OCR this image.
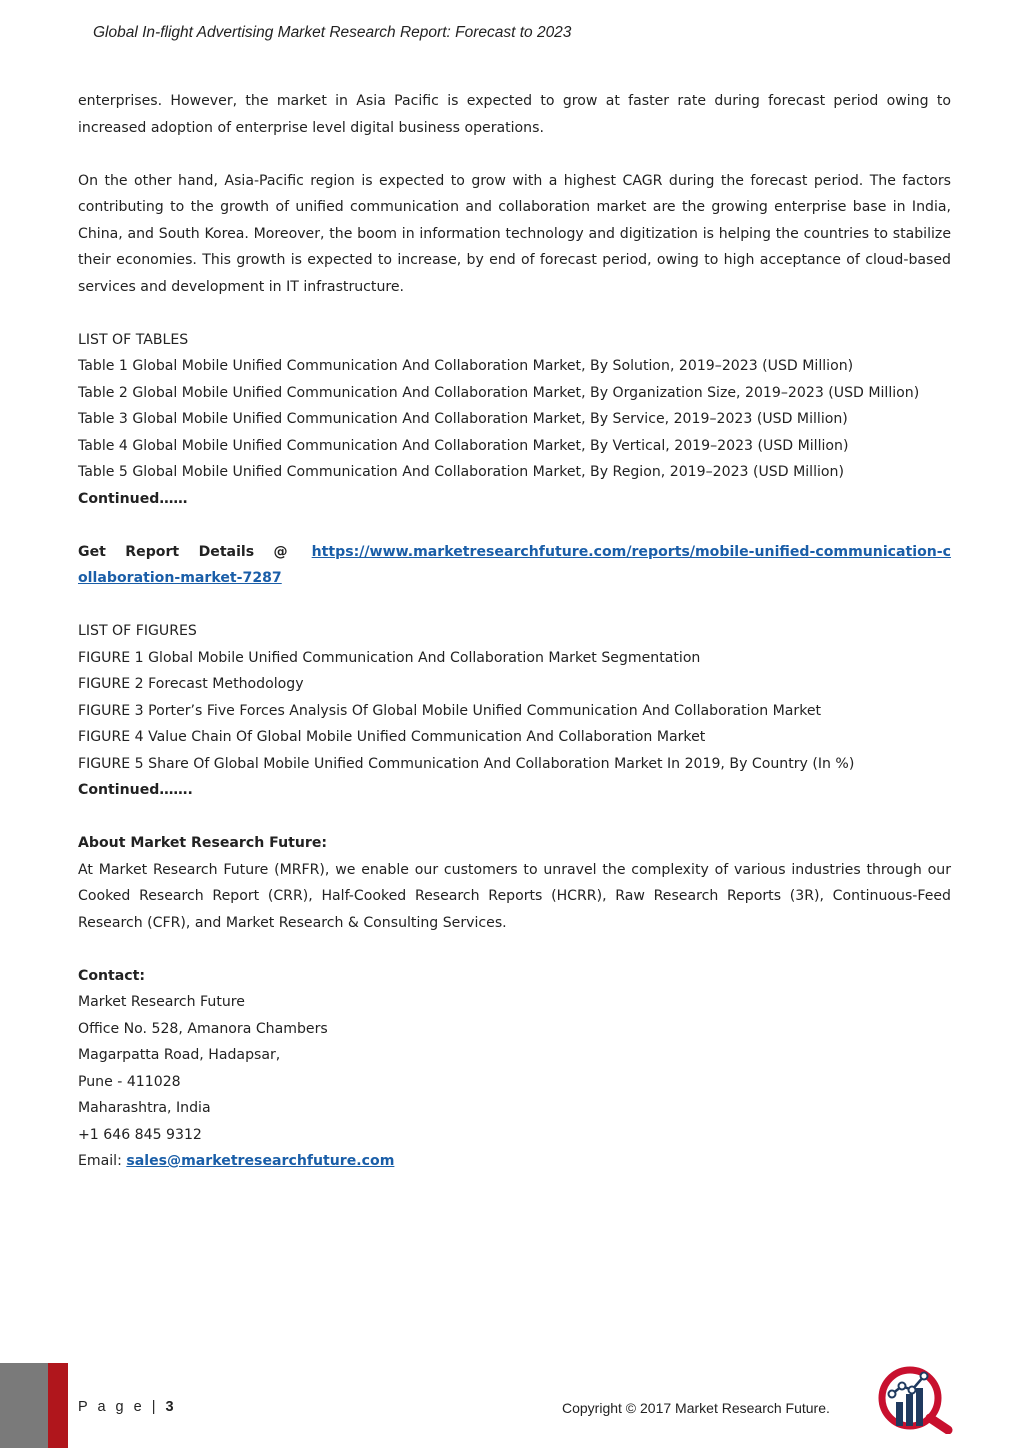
Global In-flight Advertising Market Research Report: Forecast to 2023

enterprises. However, the market in Asia Pacific is expected to grow at faster rate during forecast period owing to increased adoption of enterprise level digital business operations.

On the other hand, Asia-Pacific region is expected to grow with a highest CAGR during the forecast period. The factors contributing to the growth of unified communication and collaboration market are the growing enterprise base in India, China, and South Korea. Moreover, the boom in information technology and digitization is helping the countries to stabilize their economies. This growth is expected to increase, by end of forecast period, owing to high acceptance of cloud-based services and development in IT infrastructure.

LIST OF TABLES

Table 1 Global Mobile Unified Communication And Collaboration Market, By Solution, 2019–2023 (USD Million)

Table 2 Global Mobile Unified Communication And Collaboration Market, By Organization Size, 2019–2023 (USD Million)

Table 3 Global Mobile Unified Communication And Collaboration Market, By Service, 2019–2023 (USD Million)

Table 4 Global Mobile Unified Communication And Collaboration Market, By Vertical, 2019–2023 (USD Million)

Table 5 Global Mobile Unified Communication And Collaboration Market, By Region, 2019–2023 (USD Million)

Continued……

Get Report Details @ https://www.marketresearchfuture.com/reports/mobile-unified-communication-collaboration-market-7287

LIST OF FIGURES

FIGURE 1 Global Mobile Unified Communication And Collaboration Market Segmentation

FIGURE 2 Forecast Methodology

FIGURE 3 Porter’s Five Forces Analysis Of Global Mobile Unified Communication And Collaboration Market

FIGURE 4 Value Chain Of Global Mobile Unified Communication And Collaboration Market

FIGURE 5 Share Of Global Mobile Unified Communication And Collaboration Market In 2019, By Country (In %)

Continued…….

About Market Research Future:

At Market Research Future (MRFR), we enable our customers to unravel the complexity of various industries through our Cooked Research Report (CRR), Half-Cooked Research Reports (HCRR), Raw Research Reports (3R), Continuous-Feed Research (CFR), and Market Research & Consulting Services.

Contact:

Market Research Future

Office No. 528, Amanora Chambers

Magarpatta Road, Hadapsar,

Pune - 411028

Maharashtra, India

+1 646 845 9312

Email: sales@marketresearchfuture.com

P a g e | 3	Copyright © 2017 Market Research Future.
